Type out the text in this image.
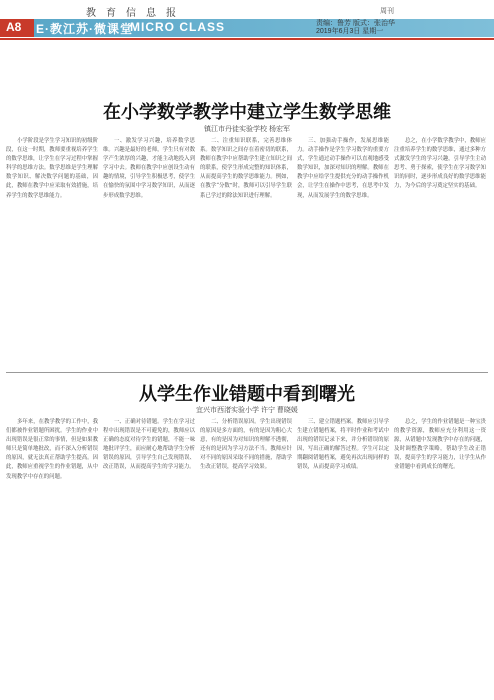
教育信息报	周刊
A8 E·教江苏·微课堂
MICRO CLASS	责编：鲁芳 版式：张治华
2019年6月3日 星期一
在小学数学教学中建立学生数学思维
镇江市丹徒实验学校 杨宏军

小学阶段是学生学习知识的初级阶段，在这一时期，教师要重视培养学生的数学思维，让学生在学习过程中掌握科学的思维方法。数学思维是学生理解数学知识、解决数学问题的基础，因此，教师在教学中应采取有效措施，培养学生的数学思维能力。

一、激发学习兴趣，培养数学思维。兴趣是最好的老师，学生只有对数学产生浓厚的兴趣，才能主动地投入到学习中去。教师在教学中应创设生动有趣的情境，引导学生积极思考，使学生在愉快的氛围中学习数学知识，从而逐步形成数学思维。

二、注重知识联系，完善思维体系。数学知识之间存在着密切的联系，教师在教学中应帮助学生建立知识之间的联系，使学生形成完整的知识体系，从而提高学生的数学思维能力。例如，在教学“分数”时，教师可以引导学生联系已学过的除法知识进行理解。

三、加强动手操作，发展思维能力。动手操作是学生学习数学的重要方式，学生通过动手操作可以直观地感受数学知识，加深对知识的理解。教师在教学中应给学生提供充分的动手操作机会，让学生在操作中思考，在思考中发现，从而发展学生的数学思维。

总之，在小学数学教学中，教师应注重培养学生的数学思维，通过多种方式激发学生的学习兴趣，引导学生主动思考、勇于探索，使学生在学习数学知识的同时，逐步形成良好的数学思维能力，为今后的学习奠定坚实的基础。

从学生作业错题中看到曙光
宜兴市西渚实验小学 许宁 曹晓媛

多年来，在教学教学的工作中，我们都被作业错题所困扰。学生的作业中出现错误是很正常的事情，但是如果教师只是简单地批改，而不深入分析错误的原因，就无法真正帮助学生提高。因此，教师应重视学生的作业错题，从中发现教学中存在的问题。

一、正确对待错题。学生在学习过程中出现错误是不可避免的，教师应以正确的态度对待学生的错题，不能一味地批评学生，而应耐心地帮助学生分析错误的原因，引导学生自己发现错误、改正错误，从而提高学生的学习能力。

二、分析错误原因。学生出现错误的原因是多方面的，有的是因为粗心大意，有的是因为对知识的理解不透彻，还有的是因为学习方法不当。教师应针对不同的原因采取不同的措施，帮助学生改正错误，提高学习效果。

三、建立错题档案。教师应引导学生建立错题档案，将平时作业和考试中出现的错误记录下来，并分析错误的原因，写出正确的解答过程。学生可以定期翻阅错题档案，避免再次出现同样的错误，从而提高学习成绩。

总之，学生的作业错题是一种宝贵的教学资源，教师应充分利用这一资源，从错题中发现教学中存在的问题，及时调整教学策略，帮助学生改正错误，提高学生的学习能力，让学生从作业错题中看到成长的曙光。
